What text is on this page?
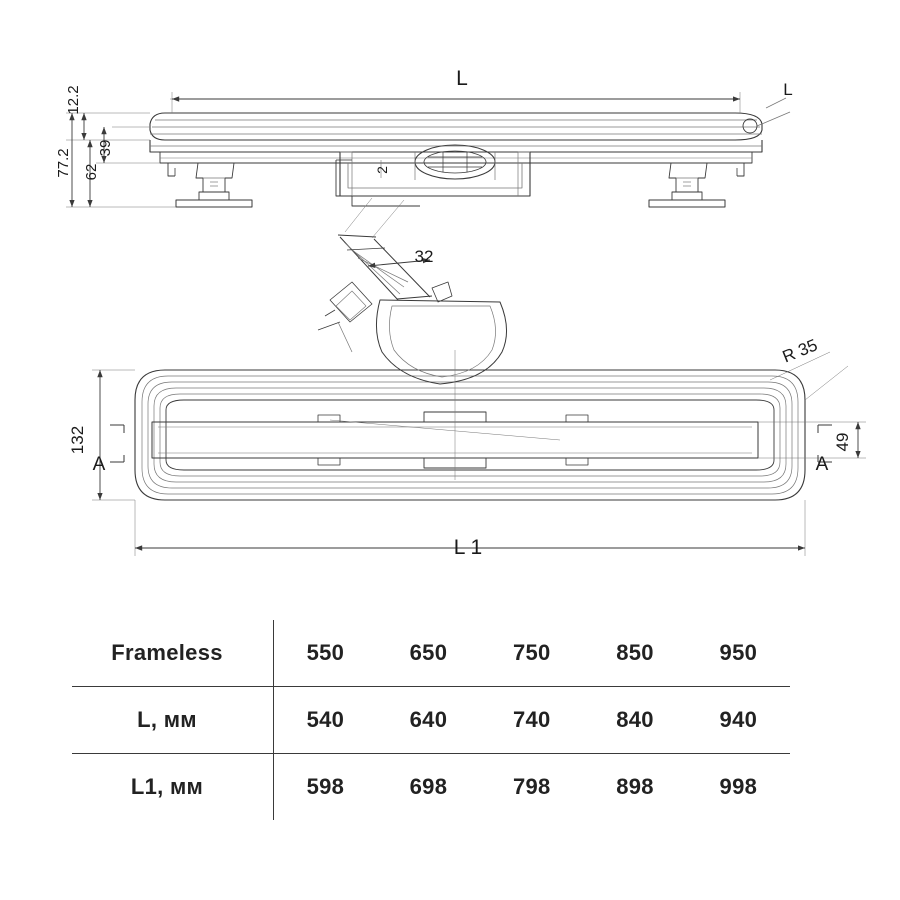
L	L
12.2
39
62
77.2	2
32
R 35
132	49
A	A
L 1
Frameless	550	650	750	850	950
L, мм	540	640	740	840	940
L1, мм	598	698	798	898	998
